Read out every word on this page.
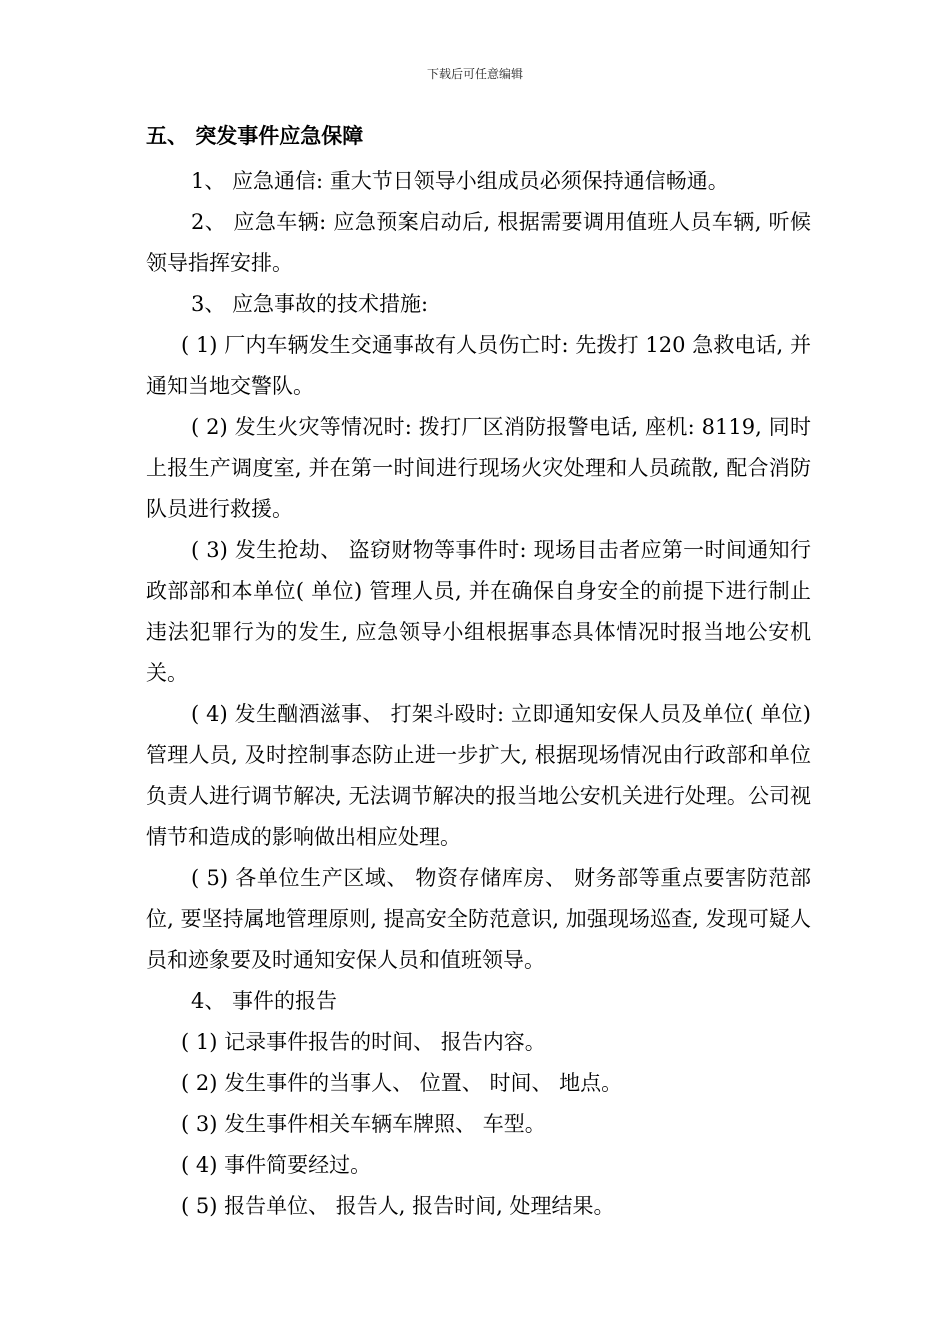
下载后可任意编辑
五、 突发事件应急保障

1、 应急通信: 重大节日领导小组成员必须保持通信畅通。

2、 应急车辆: 应急预案启动后, 根据需要调用值班人员车辆, 听候领导指挥安排。

3、 应急事故的技术措施:

( 1) 厂内车辆发生交通事故有人员伤亡时: 先拨打 120 急救电话, 并通知当地交警队。

( 2) 发生火灾等情况时: 拨打厂区消防报警电话, 座机: 8119, 同时上报生产调度室, 并在第一时间进行现场火灾处理和人员疏散, 配合消防队员进行救援。

( 3) 发生抢劫、 盗窃财物等事件时: 现场目击者应第一时间通知行政部部和本单位( 单位) 管理人员, 并在确保自身安全的前提下进行制止违法犯罪行为的发生, 应急领导小组根据事态具体情况时报当地公安机关。

( 4) 发生酗酒滋事、 打架斗殴时: 立即通知安保人员及单位( 单位) 管理人员, 及时控制事态防止进一步扩大, 根据现场情况由行政部和单位负责人进行调节解决, 无法调节解决的报当地公安机关进行处理。公司视情节和造成的影响做出相应处理。

( 5) 各单位生产区域、 物资存储库房、 财务部等重点要害防范部位, 要坚持属地管理原则, 提高安全防范意识, 加强现场巡查, 发现可疑人员和迹象要及时通知安保人员和值班领导。

4、 事件的报告

( 1) 记录事件报告的时间、 报告内容。

( 2) 发生事件的当事人、 位置、 时间、 地点。

( 3) 发生事件相关车辆车牌照、 车型。

( 4) 事件简要经过。

( 5) 报告单位、 报告人, 报告时间, 处理结果。
